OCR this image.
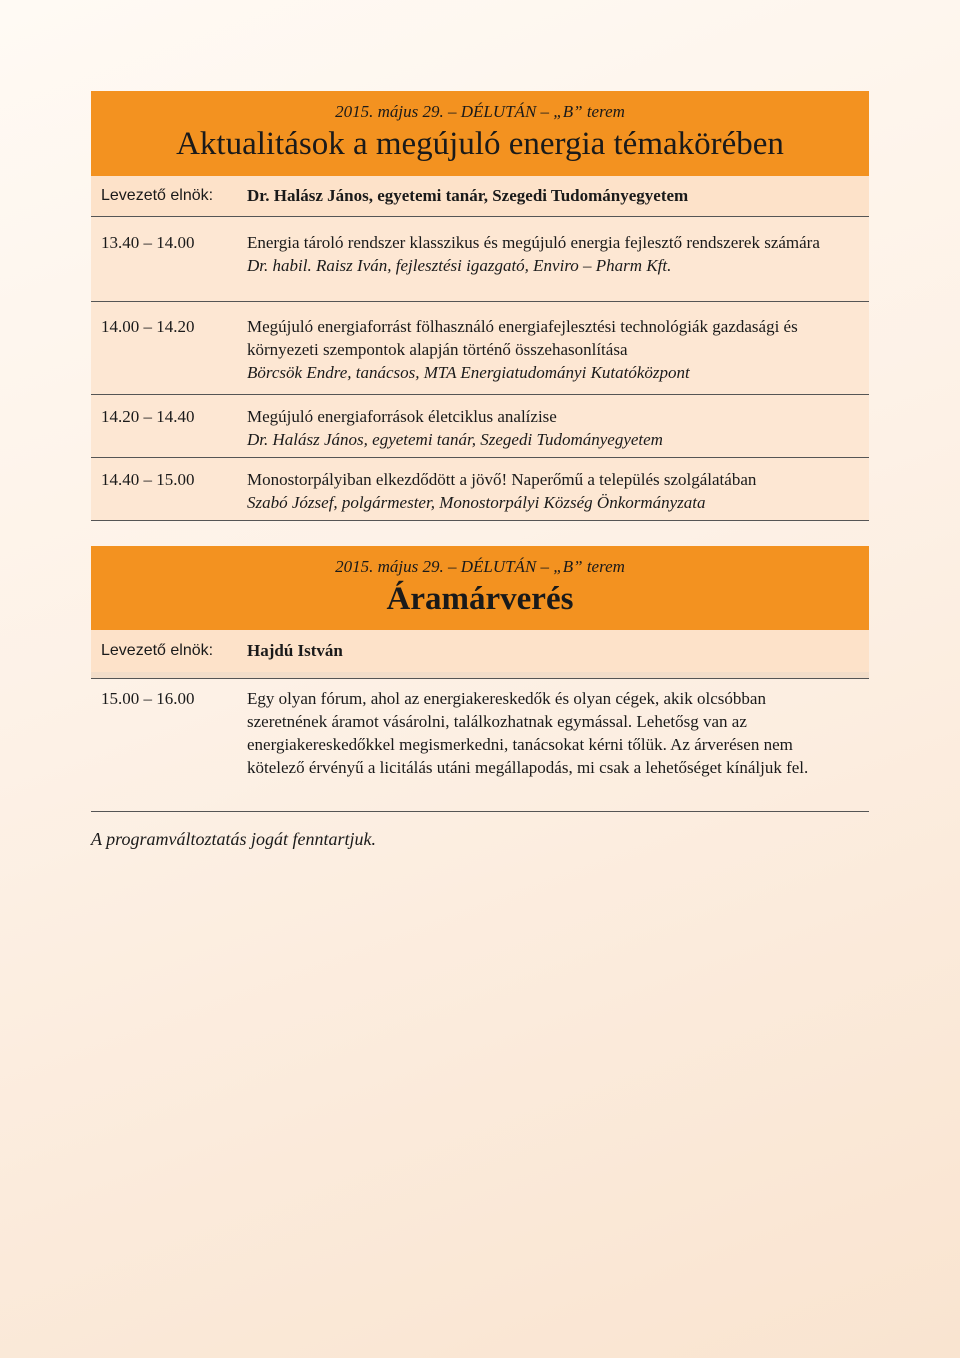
2015. május 29. – DÉLUTÁN – „B” terem
Aktualitások a megújuló energia témakörében
Levezető elnök:	Dr. Halász János, egyetemi tanár, Szegedi Tudományegyetem
13.40 – 14.00	Energia tároló rendszer klasszikus és megújuló energia fejlesztő rendszerek számára
Dr. habil. Raisz Iván, fejlesztési igazgató, Enviro – Pharm Kft.
14.00 – 14.20	Megújuló energiaforrást fölhasználó energiafejlesztési technológiák gazdasági és környezeti szempontok alapján történő összehasonlítása
Börcsök Endre, tanácsos, MTA Energiatudományi Kutatóközpont
14.20 – 14.40	Megújuló energiaforrások életciklus analízise
Dr. Halász János, egyetemi tanár, Szegedi Tudományegyetem
14.40 – 15.00	Monostorpályiban elkezdődött a jövő! Naperőmű a település szolgálatában
Szabó József, polgármester, Monostorpályi Község Önkormányzata
2015. május 29. – DÉLUTÁN – „B” terem
Áramárverés
Levezető elnök:	Hajdú István
15.00 – 16.00	Egy olyan fórum, ahol az energiakereskedők és olyan cégek, akik olcsóbban szeretnének áramot vásárolni, találkozhatnak egymással. Lehetősg van az energiakereskedőkkel megismerkedni, tanácsokat kérni tőlük. Az árverésen nem kötelező érvényű a licitálás utáni megállapodás, mi csak a lehetőséget kínáljuk fel.
A programváltoztatás jogát fenntartjuk.
